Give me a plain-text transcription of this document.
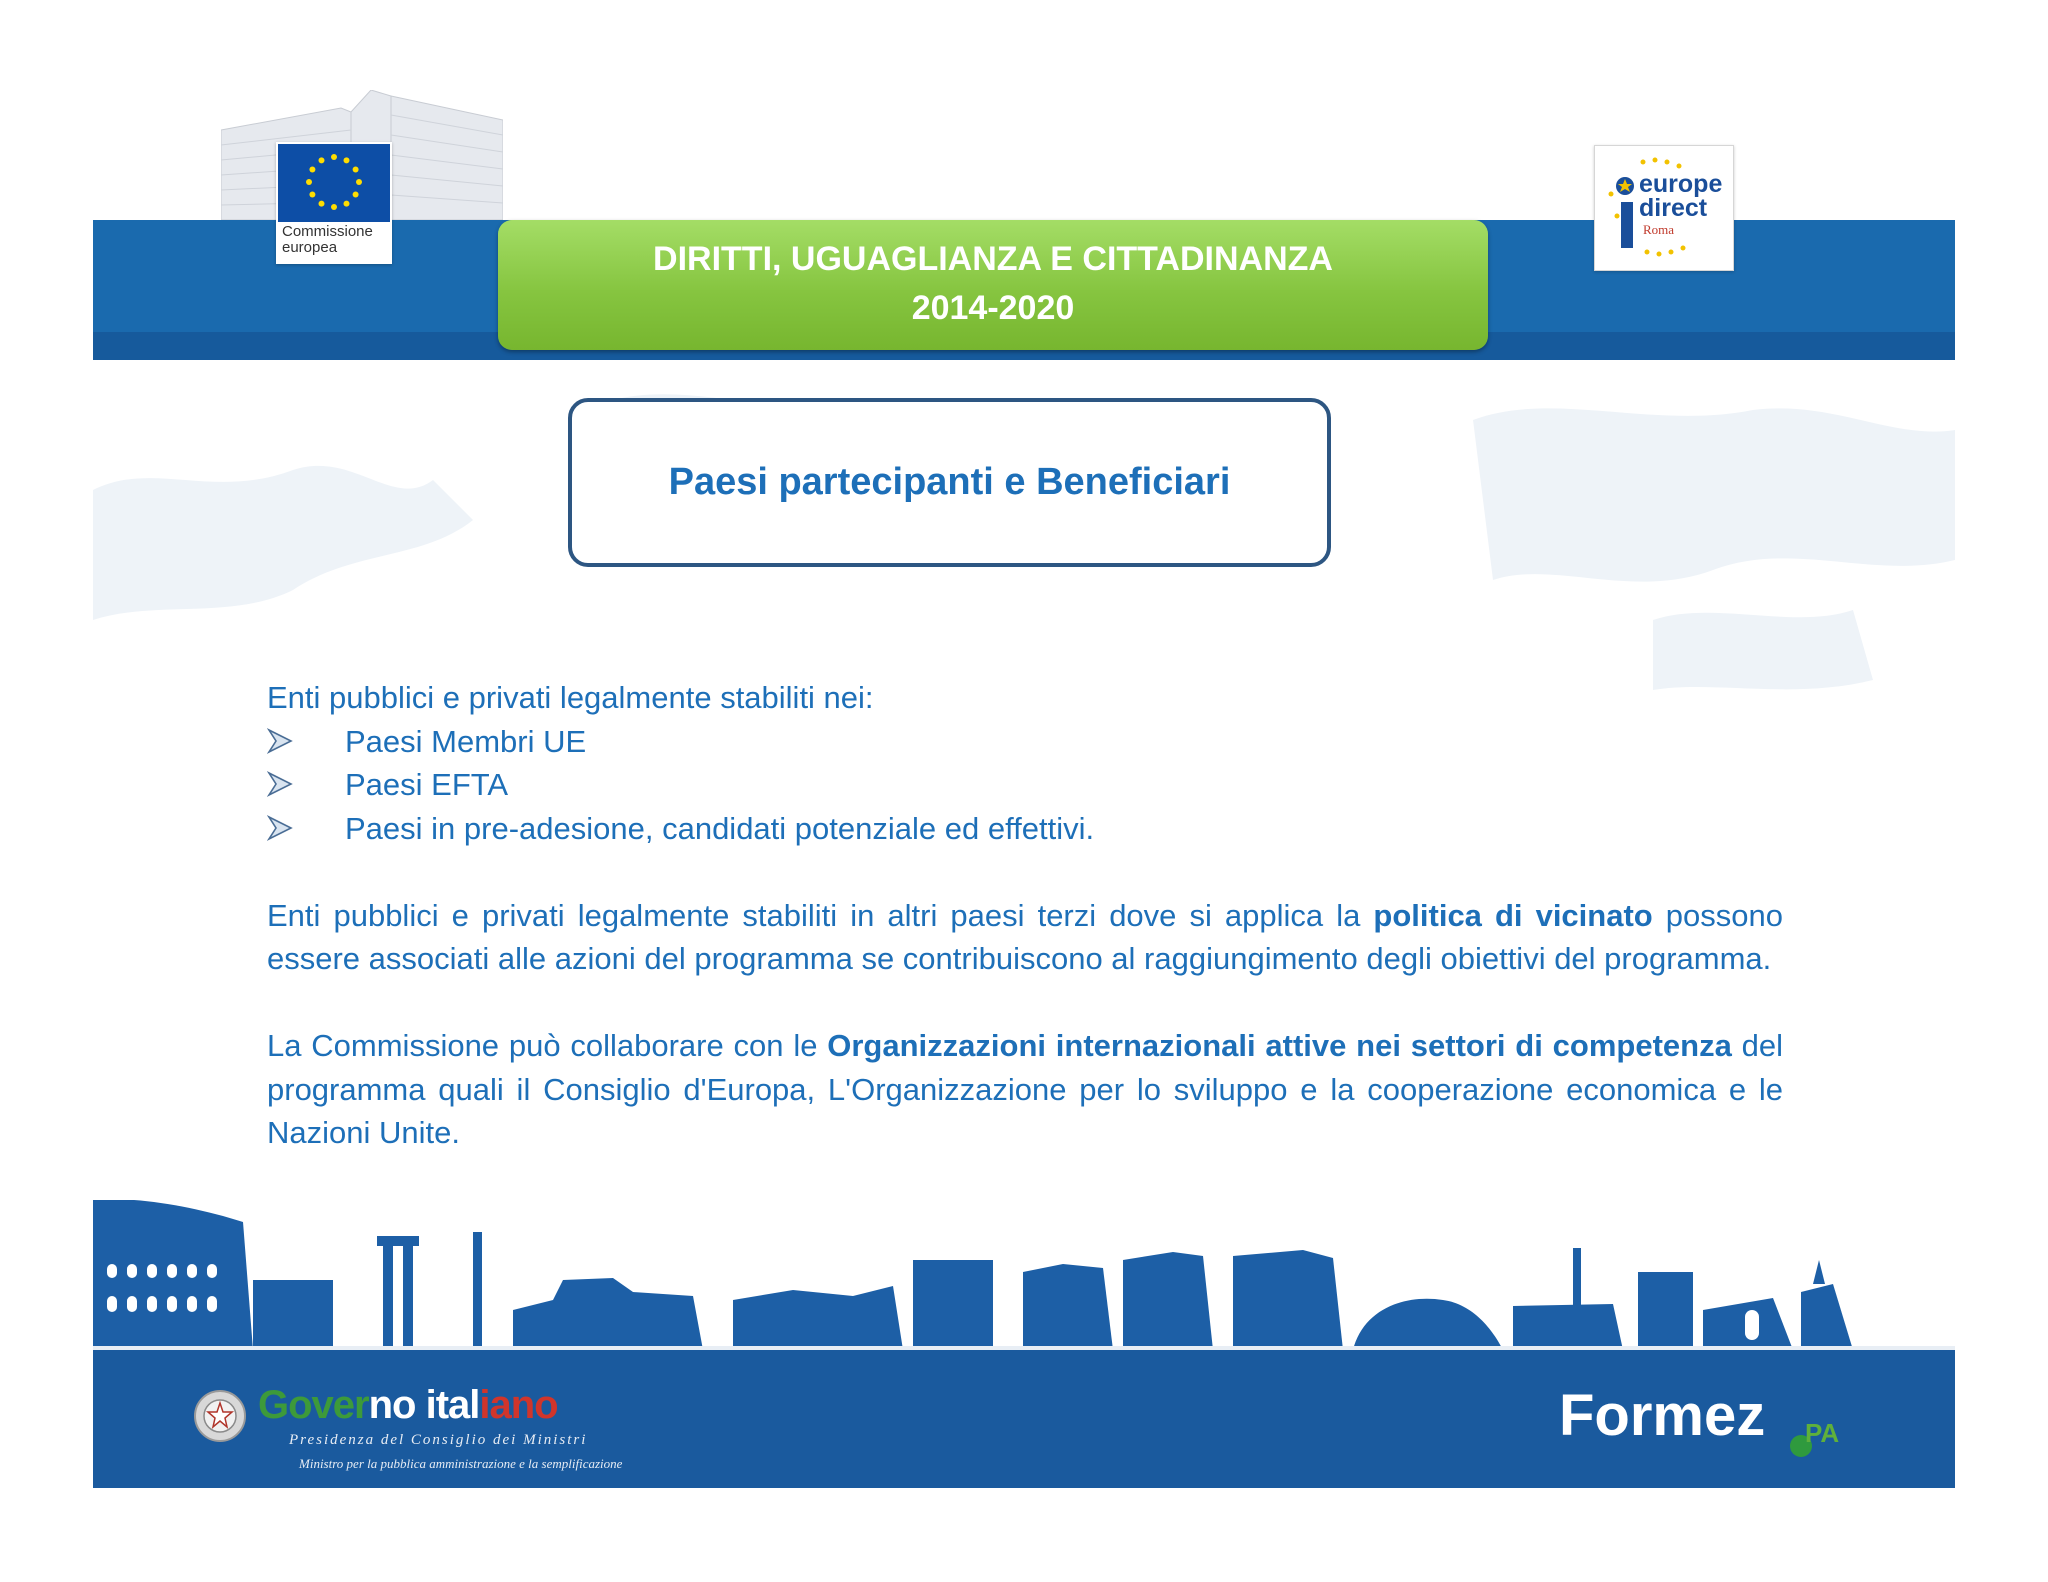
Commissione europea	DIRITTI, UGUAGLIANZA E CITTADINANZA
2014-2020
europe
direct
Roma
Paesi partecipanti e Beneficiari

Enti pubblici e privati legalmente stabiliti nei:

Paesi Membri UE
Paesi EFTA
Paesi in pre-adesione, candidati potenziale ed effettivi.

Enti pubblici e privati legalmente stabiliti in altri paesi terzi dove si applica la politica di vicinato possono essere associati alle azioni del programma se contribuiscono al raggiungimento degli obiettivi del programma.

La Commissione può collaborare con le Organizzazioni internazionali attive nei settori di competenza del programma quali il Consiglio d'Europa, L'Organizzazione per lo sviluppo e la cooperazione economica e le Nazioni Unite.

Governo italiano
Presidenza del Consiglio dei Ministri
Ministro per la pubblica amministrazione e la semplificazione
Formez PA
